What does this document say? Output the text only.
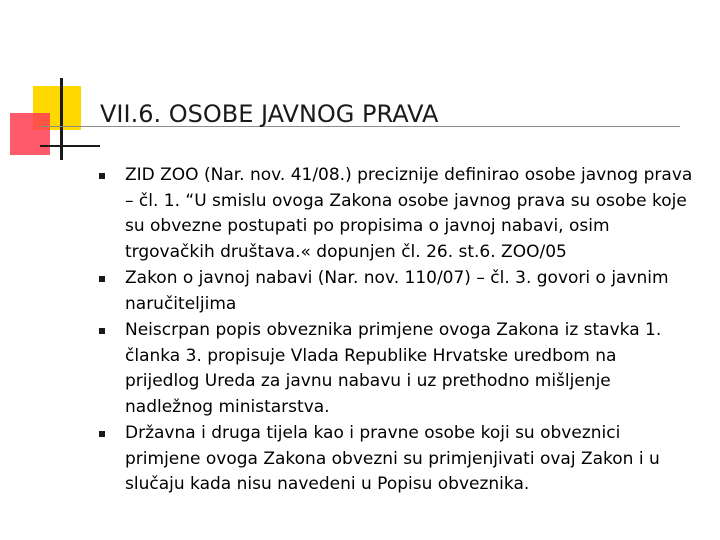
VII.6. OSOBE JAVNOG PRAVA
ZID ZOO (Nar. nov. 41/08.) preciznije definirao osobe javnog prava – čl. 1. “U smislu ovoga Zakona osobe javnog prava su osobe koje su obvezne postupati po propisima o javnoj nabavi, osim trgovačkih društava.« dopunjen čl. 26. st.6. ZOO/05
Zakon o javnoj nabavi (Nar. nov. 110/07) – čl. 3. govori o javnim naručiteljima
Neiscrpan popis obveznika primjene ovoga Zakona iz stavka 1. članka 3. propisuje Vlada Republike Hrvatske uredbom na prijedlog Ureda za javnu nabavu i uz prethodno mišljenje nadležnog ministarstva.
Državna i druga tijela kao i pravne osobe koji su obveznici primjene ovoga Zakona obvezni su primjenjivati ovaj Zakon i u slučaju kada nisu navedeni u Popisu obveznika.
